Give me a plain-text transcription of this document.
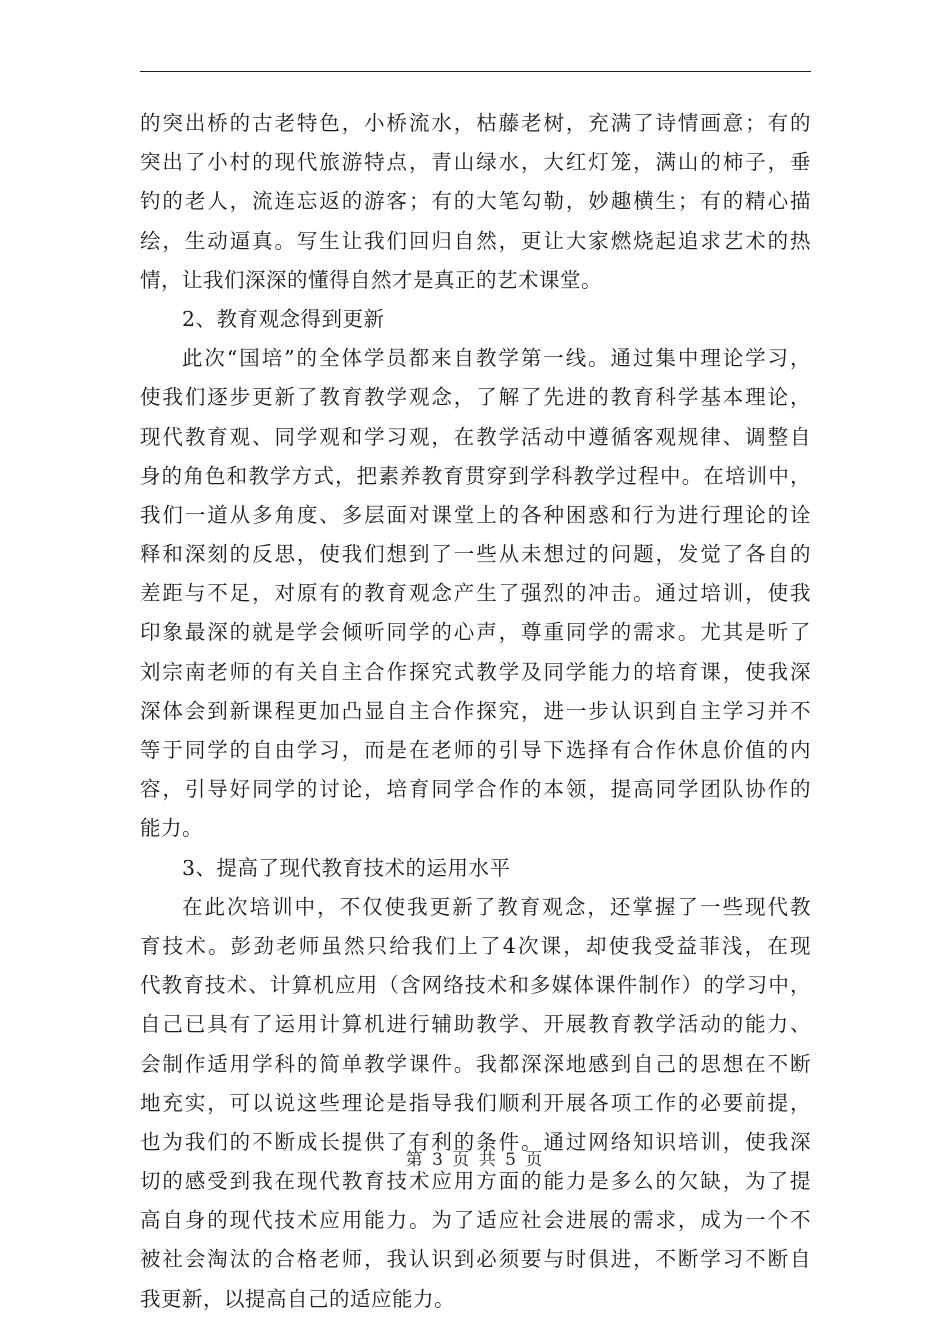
的突出桥的古老特色，小桥流水，枯藤老树，充满了诗情画意；有的
突出了小村的现代旅游特点，青山绿水，大红灯笼，满山的柿子，垂
钓的老人，流连忘返的游客；有的大笔勾勒，妙趣横生；有的精心描
绘，生动逼真。写生让我们回归自然，更让大家燃烧起追求艺术的热
情，让我们深深的懂得自然才是真正的艺术课堂。
2、教育观念得到更新
此次“国培”的全体学员都来自教学第一线。通过集中理论学习，
使我们逐步更新了教育教学观念，了解了先进的教育科学基本理论，
现代教育观、同学观和学习观，在教学活动中遵循客观规律、调整自
身的角色和教学方式，把素养教育贯穿到学科教学过程中。在培训中，
我们一道从多角度、多层面对课堂上的各种困惑和行为进行理论的诠
释和深刻的反思，使我们想到了一些从未想过的问题，发觉了各自的
差距与不足，对原有的教育观念产生了强烈的冲击。通过培训，使我
印象最深的就是学会倾听同学的心声，尊重同学的需求。尤其是听了
刘宗南老师的有关自主合作探究式教学及同学能力的培育课，使我深
深体会到新课程更加凸显自主合作探究，进一步认识到自主学习并不
等于同学的自由学习，而是在老师的引导下选择有合作休息价值的内
容，引导好同学的讨论，培育同学合作的本领，提高同学团队协作的
能力。
3、提高了现代教育技术的运用水平
在此次培训中，不仅使我更新了教育观念，还掌握了一些现代教
育技术。彭劲老师虽然只给我们上了4次课，却使我受益菲浅，在现
代教育技术、计算机应用（含网络技术和多媒体课件制作）的学习中，
自己已具有了运用计算机进行辅助教学、开展教育教学活动的能力、
会制作适用学科的简单教学课件。我都深深地感到自己的思想在不断
地充实，可以说这些理论是指导我们顺利开展各项工作的必要前提，
也为我们的不断成长提供了有利的条件。通过网络知识培训，使我深
切的感受到我在现代教育技术应用方面的能力是多么的欠缺，为了提
高自身的现代技术应用能力。为了适应社会进展的需求，成为一个不
被社会淘汰的合格老师，我认识到必须要与时俱进，不断学习不断自
我更新，以提高自己的适应能力。
第 3 页 共 5 页
